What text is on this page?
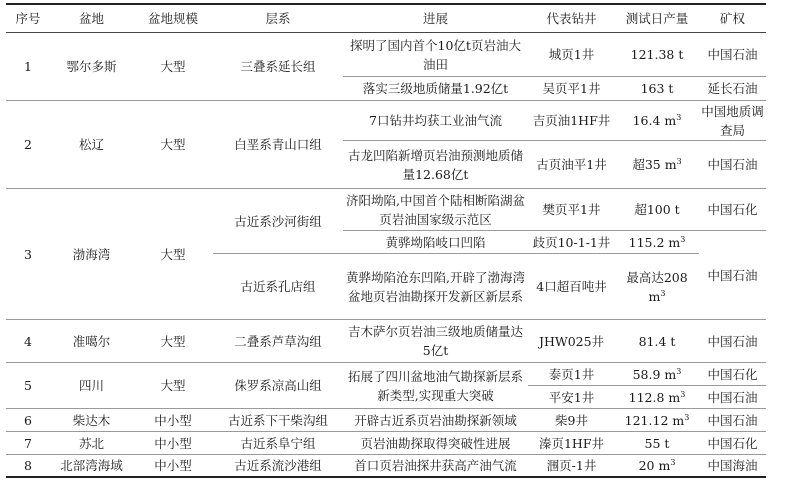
序号	盆地	盆地规模	层系	进展	代表钻井	测试日产量	矿权
1	鄂尔多斯	大型	三叠系延长组	探明了国内首个10亿t页岩油大油田	城页1井	121.38 t	中国石油
				落实三级地质储量1.92亿t	吴页平1井	163 t	延长石油
2	松辽	大型	白垩系青山口组	7口钻井均获工业油气流	吉页油1HF井	16.4 $m^3$	中国地质调查局
				古龙凹陷新增页岩油预测地质储量12.68亿t	古页油平1井	超35 $m^3$	中国石油
3	渤海湾	大型	古近系沙河街组	济阳坳陷,中国首个陆相断陷湖盆页岩油国家级示范区	樊页平1井	超100 t	中国石化
				黄骅坳陷岐口凹陷	歧页10-1-1井	115.2 $m^3$	中国石油
			古近系孔店组	黄骅坳陷沧东凹陷,开辟了渤海湾盆地页岩油勘探开发新区新层系	4口超百吨井	最高达208 $m^3$
4	准噶尔	大型	二叠系芦草沟组	吉木萨尔页岩油三级地质储量达5亿t	JHW025井	81.4 t	中国石油
5	四川	大型	侏罗系凉高山组	拓展了四川盆地油气勘探新层系新类型,实现重大突破	泰页1井	58.9 $m^3$	中国石化
					平安1井	112.8 $m^3$	中国石油
6	柴达木	中小型	古近系下干柴沟组	开辟古近系页岩油勘探新领域	柴9井	121.12 $m^3$	中国石油
7	苏北	中小型	古近系阜宁组	页岩油勘探取得突破性进展	溱页1HF井	55 t	中国石化
8	北部湾海域	中小型	古近系流沙港组	首口页岩油探井获高产油气流	涠页-1井	20 $m^3$	中国海油
